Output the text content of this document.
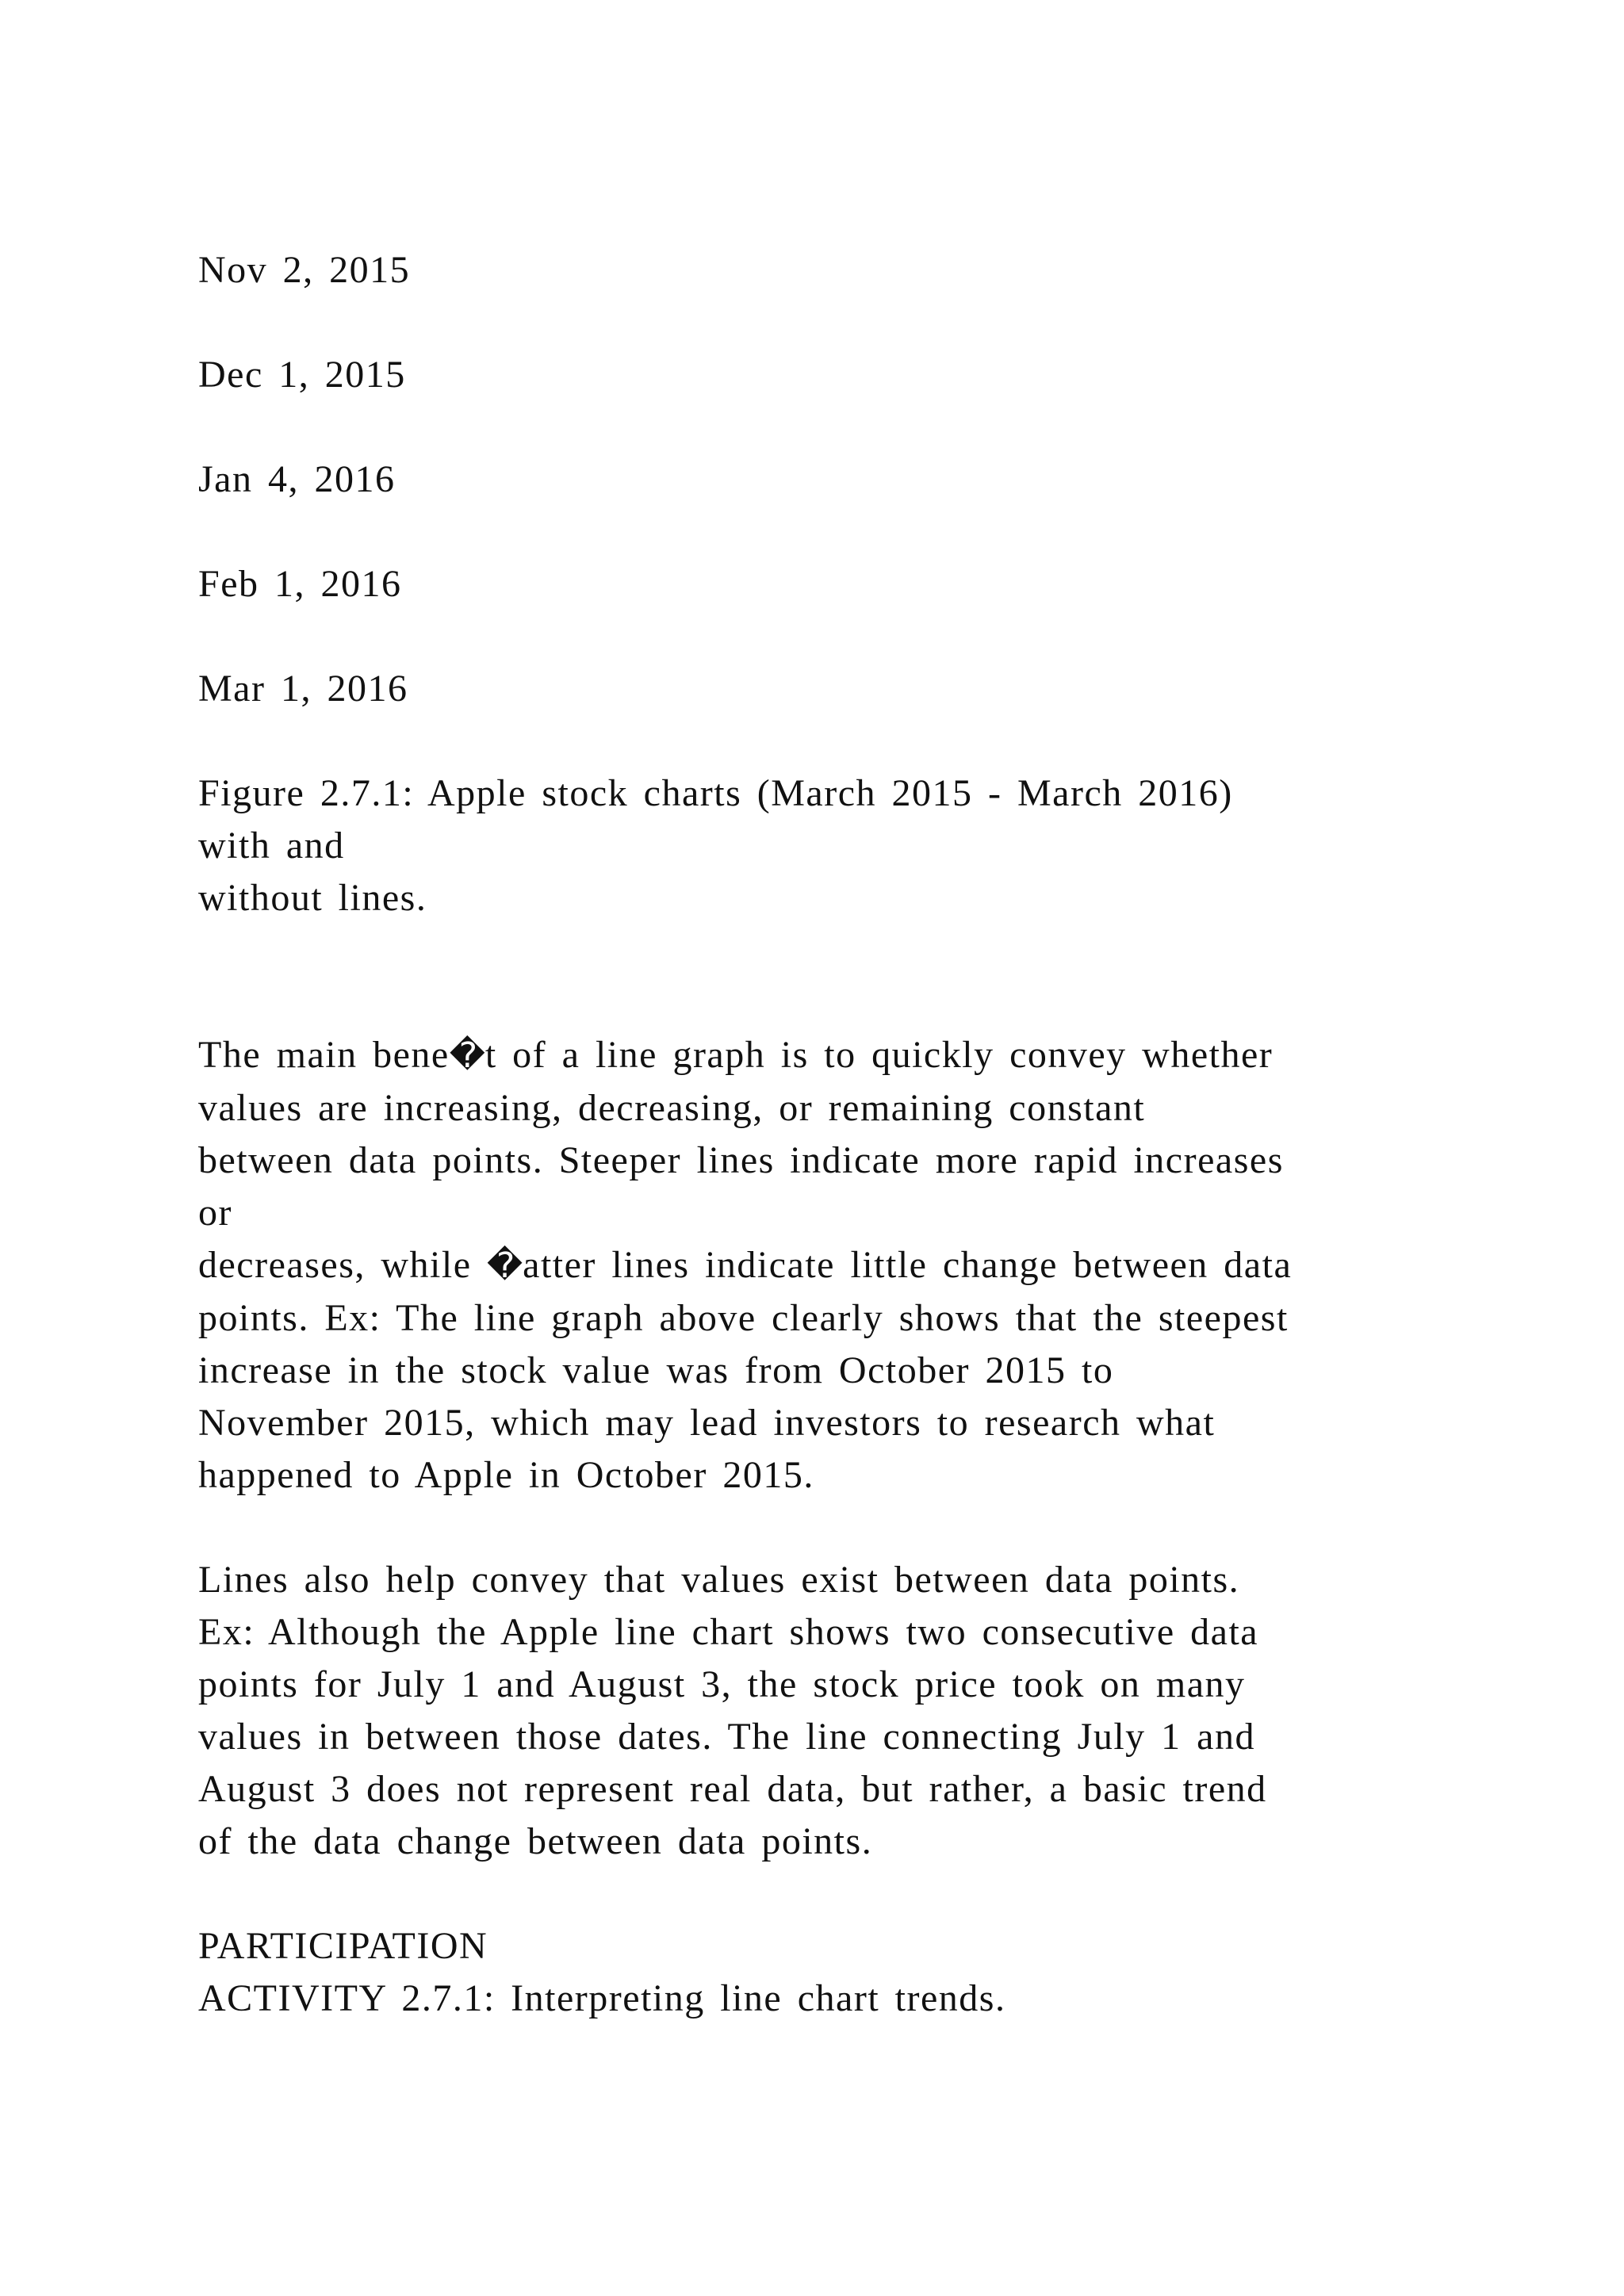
Nov 2, 2015
Dec 1, 2015
Jan 4, 2016
Feb 1, 2016
Mar 1, 2016
Figure 2.7.1: Apple stock charts (March 2015 - March 2016)
with and
without lines.
The main bene�t of a line graph is to quickly convey whether
values are increasing, decreasing, or remaining constant
between data points. Steeper lines indicate more rapid increases
or
decreases, while �atter lines indicate little change between data
points. Ex: The line graph above clearly shows that the steepest
increase in the stock value was from October 2015 to
November 2015, which may lead investors to research what
happened to Apple in October 2015.
Lines also help convey that values exist between data points.
Ex: Although the Apple line chart shows two consecutive data
points for July 1 and August 3, the stock price took on many
values in between those dates. The line connecting July 1 and
August 3 does not represent real data, but rather, a basic trend
of the data change between data points.
PARTICIPATION
ACTIVITY 2.7.1: Interpreting line chart trends.
